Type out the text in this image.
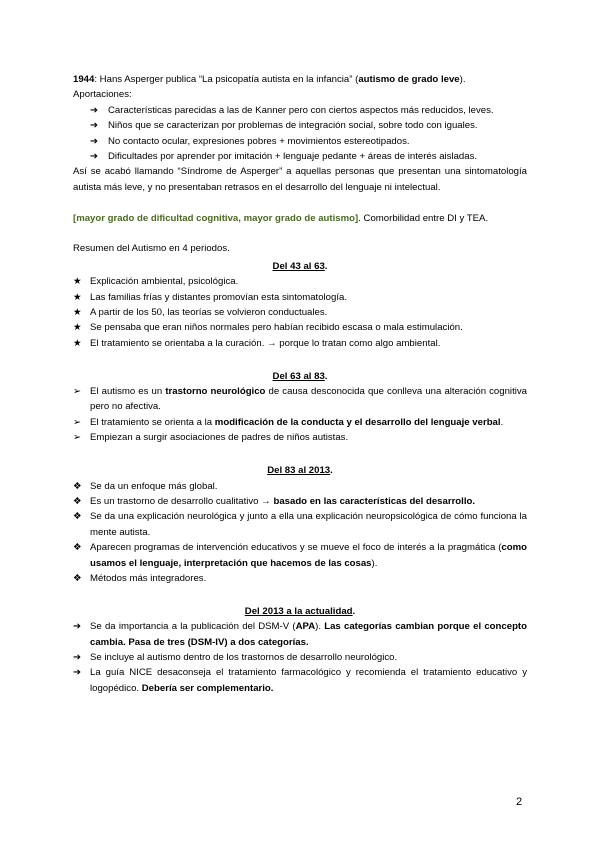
1944: Hans Asperger publica “La psicopatía autista en la infancia” (autismo de grado leve).

Aportaciones:

➔	Características parecidas a las de Kanner pero con ciertos aspectos más reducidos, leves.
➔	Niños que se caracterizan por problemas de integración social, sobre todo con iguales.
➔	No contacto ocular, expresiones pobres + movimientos estereotipados.
➔	Dificultades por aprender por imitación + lenguaje pedante + áreas de interés aisladas.

Así se acabó llamando “Síndrome de Asperger” a aquellas personas que presentan una sintomatología autista más leve, y no presentaban retrasos en el desarrollo del lenguaje ni intelectual.

[mayor grado de dificultad cognitiva, mayor grado de autismo]. Comorbilidad entre DI y TEA.

Resumen del Autismo en 4 periodos.

Del 43 al 63.

★ Explicación ambiental, psicológica.
★ Las familias frías y distantes promovían esta sintomatología.
★ A partir de los 50, las teorías se volvieron conductuales.
★ Se pensaba que eran niños normales pero habían recibido escasa o mala estimulación.
★ El tratamiento se orientaba a la curación. → porque lo tratan como algo ambiental.

Del 63 al 83.

➢ El autismo es un trastorno neurológico de causa desconocida que conlleva una alteración cognitiva pero no afectiva.
➢ El tratamiento se orienta a la modificación de la conducta y el desarrollo del lenguaje verbal.
➢ Empiezan a surgir asociaciones de padres de niños autistas.

Del 83 al 2013.

❖ Se da un enfoque más global.
❖ Es un trastorno de desarrollo cualitativo → basado en las características del desarrollo.
❖ Se da una explicación neurológica y junto a ella una explicación neuropsicológica de cómo funciona la mente autista.
❖ Aparecen programas de intervención educativos y se mueve el foco de interés a la pragmática (como usamos el lenguaje, interpretación que hacemos de las cosas).
❖ Métodos más integradores.

Del 2013 a la actualidad.

➔ Se da importancia a la publicación del DSM-V (APA). Las categorías cambian porque el concepto cambia. Pasa de tres (DSM-IV) a dos categorías.
➔ Se incluye al autismo dentro de los trastornos de desarrollo neurológico.
➔ La guía NICE desaconseja el tratamiento farmacológico y recomienda el tratamiento educativo y logopédico. Debería ser complementario.
2
